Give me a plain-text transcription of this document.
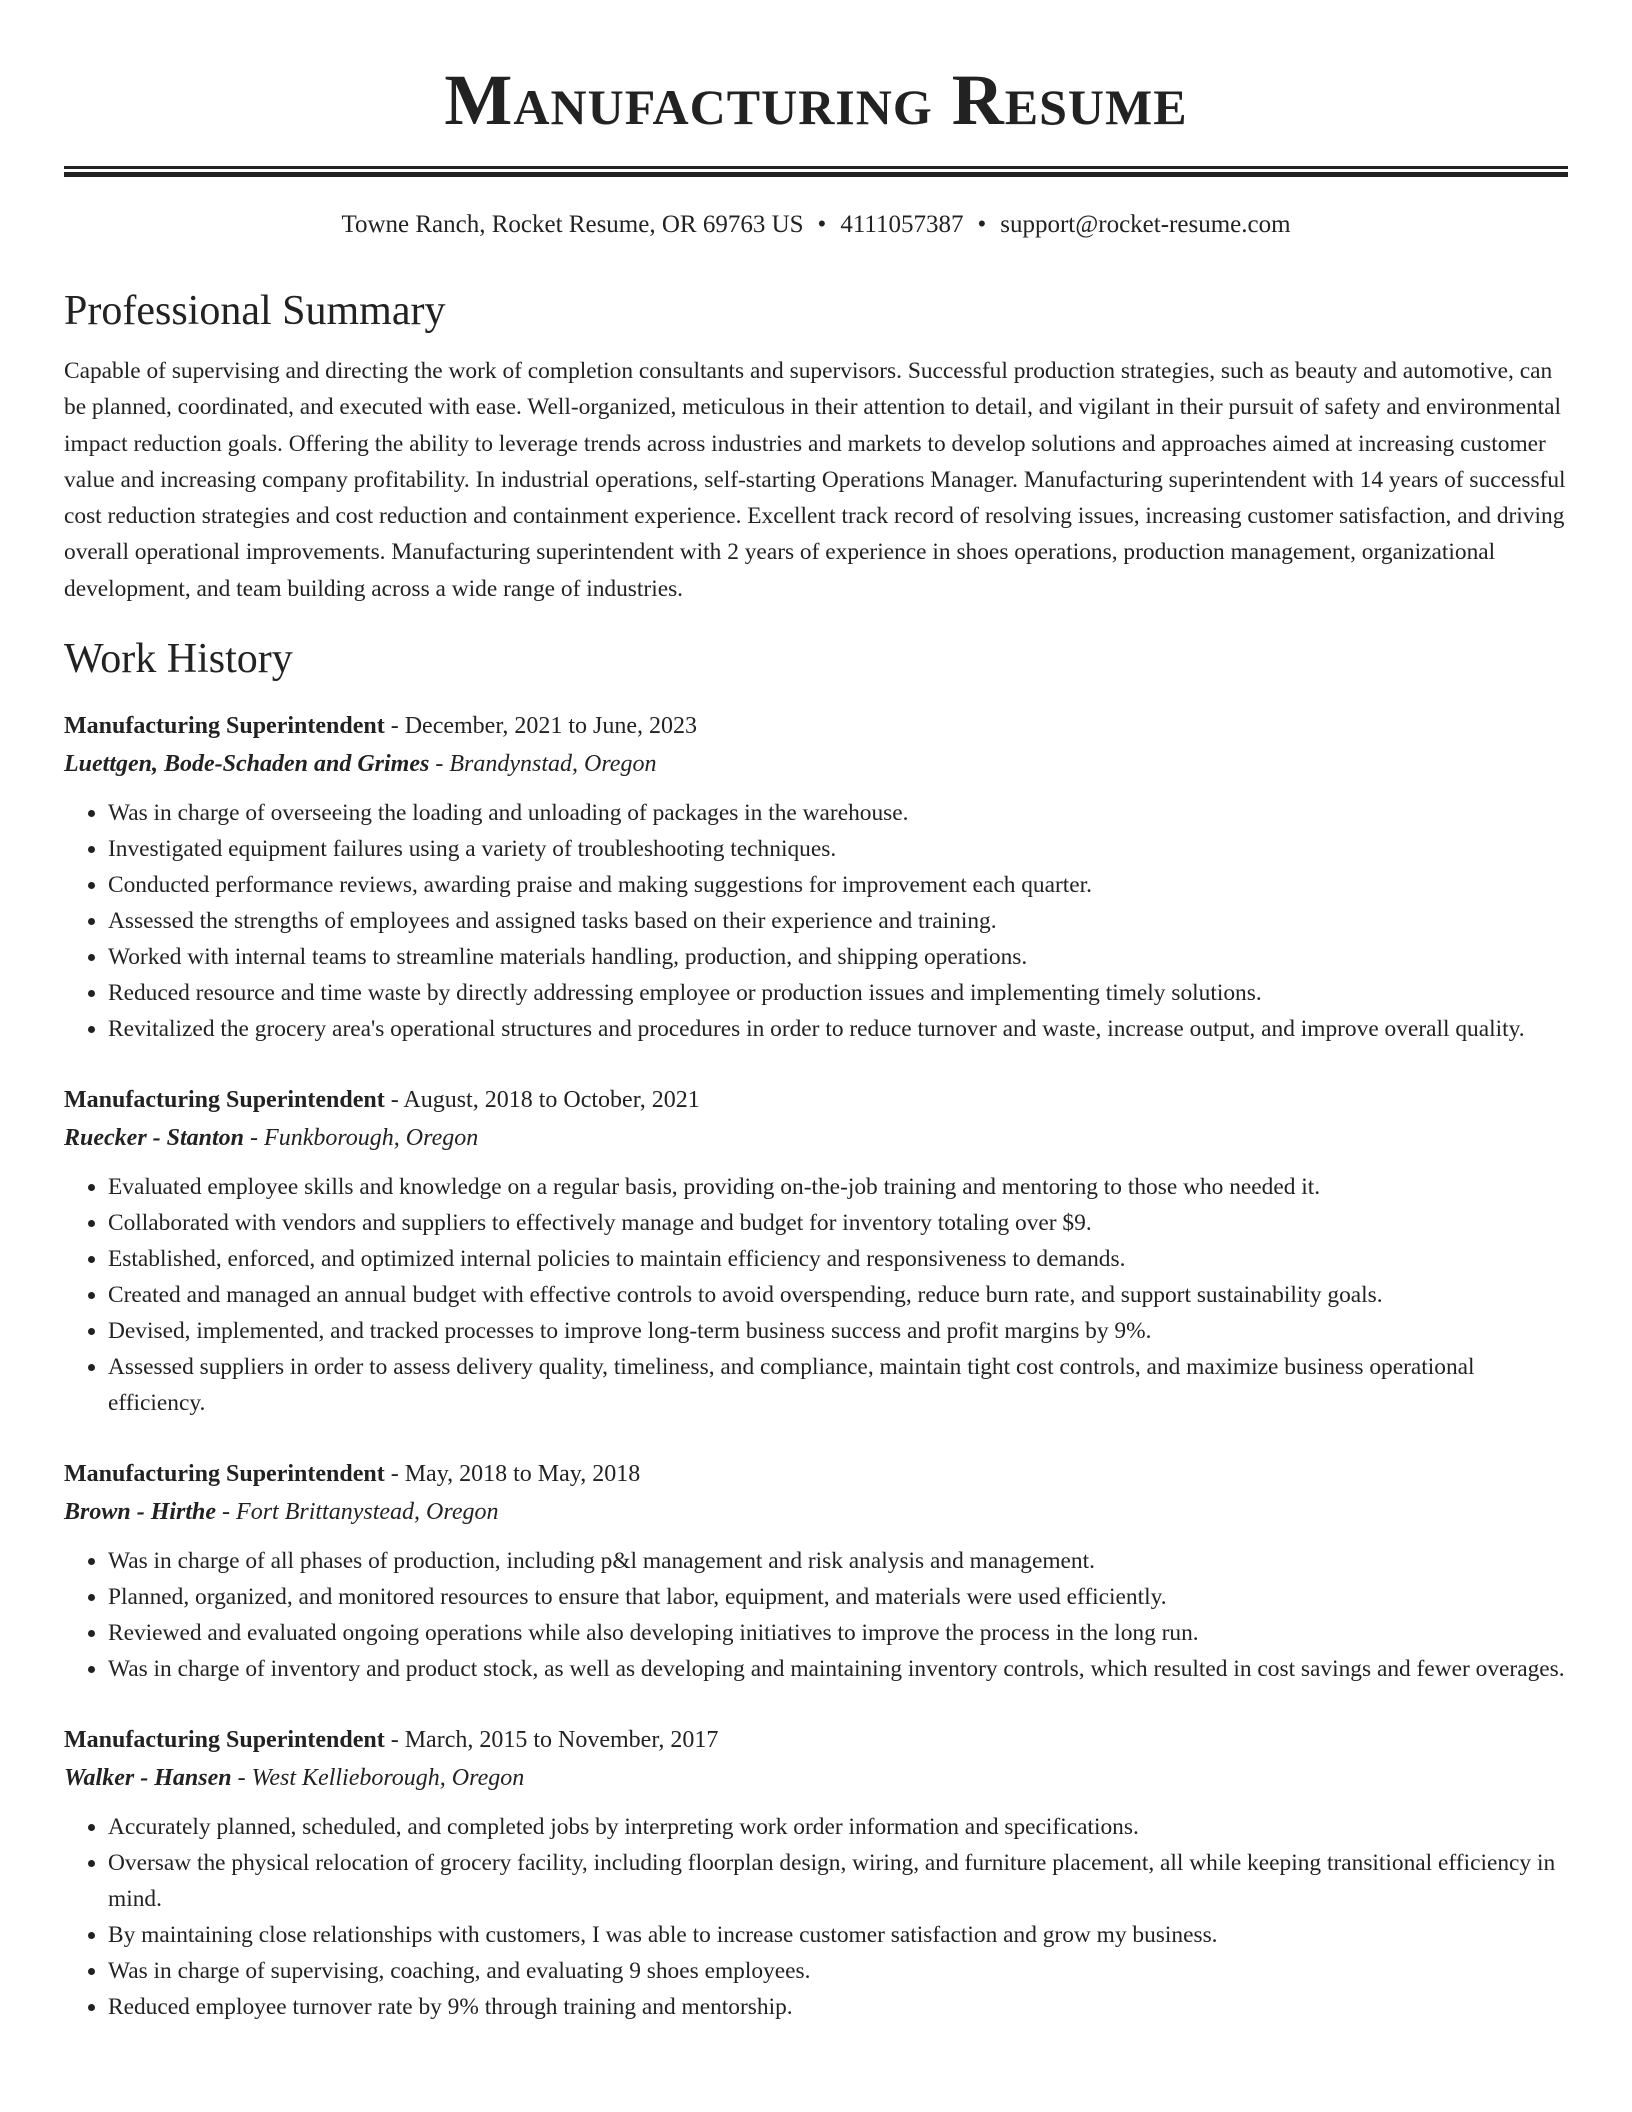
Manufacturing Resume
Towne Ranch, Rocket Resume, OR 69763 US • 4111057387 • support@rocket-resume.com
Professional Summary

Capable of supervising and directing the work of completion consultants and supervisors. Successful production strategies, such as beauty and automotive, can be planned, coordinated, and executed with ease. Well-organized, meticulous in their attention to detail, and vigilant in their pursuit of safety and environmental impact reduction goals. Offering the ability to leverage trends across industries and markets to develop solutions and approaches aimed at increasing customer value and increasing company profitability. In industrial operations, self-starting Operations Manager. Manufacturing superintendent with 14 years of successful cost reduction strategies and cost reduction and containment experience. Excellent track record of resolving issues, increasing customer satisfaction, and driving overall operational improvements. Manufacturing superintendent with 2 years of experience in shoes operations, production management, organizational development, and team building across a wide range of industries.

Work History
Manufacturing Superintendent - December, 2021 to June, 2023
Luettgen, Bode-Schaden and Grimes - Brandynstad, Oregon
• Was in charge of overseeing the loading and unloading of packages in the warehouse.
• Investigated equipment failures using a variety of troubleshooting techniques.
• Conducted performance reviews, awarding praise and making suggestions for improvement each quarter.
• Assessed the strengths of employees and assigned tasks based on their experience and training.
• Worked with internal teams to streamline materials handling, production, and shipping operations.
• Reduced resource and time waste by directly addressing employee or production issues and implementing timely solutions.
• Revitalized the grocery area's operational structures and procedures in order to reduce turnover and waste, increase output, and improve overall quality.
Manufacturing Superintendent - August, 2018 to October, 2021
Ruecker - Stanton - Funkborough, Oregon
• Evaluated employee skills and knowledge on a regular basis, providing on-the-job training and mentoring to those who needed it.
• Collaborated with vendors and suppliers to effectively manage and budget for inventory totaling over $9.
• Established, enforced, and optimized internal policies to maintain efficiency and responsiveness to demands.
• Created and managed an annual budget with effective controls to avoid overspending, reduce burn rate, and support sustainability goals.
• Devised, implemented, and tracked processes to improve long-term business success and profit margins by 9%.
• Assessed suppliers in order to assess delivery quality, timeliness, and compliance, maintain tight cost controls, and maximize business operational efficiency.
Manufacturing Superintendent - May, 2018 to May, 2018
Brown - Hirthe - Fort Brittanystead, Oregon
• Was in charge of all phases of production, including p&l management and risk analysis and management.
• Planned, organized, and monitored resources to ensure that labor, equipment, and materials were used efficiently.
• Reviewed and evaluated ongoing operations while also developing initiatives to improve the process in the long run.
• Was in charge of inventory and product stock, as well as developing and maintaining inventory controls, which resulted in cost savings and fewer overages.
Manufacturing Superintendent - March, 2015 to November, 2017
Walker - Hansen - West Kellieborough, Oregon
• Accurately planned, scheduled, and completed jobs by interpreting work order information and specifications.
• Oversaw the physical relocation of grocery facility, including floorplan design, wiring, and furniture placement, all while keeping transitional efficiency in mind.
• By maintaining close relationships with customers, I was able to increase customer satisfaction and grow my business.
• Was in charge of supervising, coaching, and evaluating 9 shoes employees.
• Reduced employee turnover rate by 9% through training and mentorship.
